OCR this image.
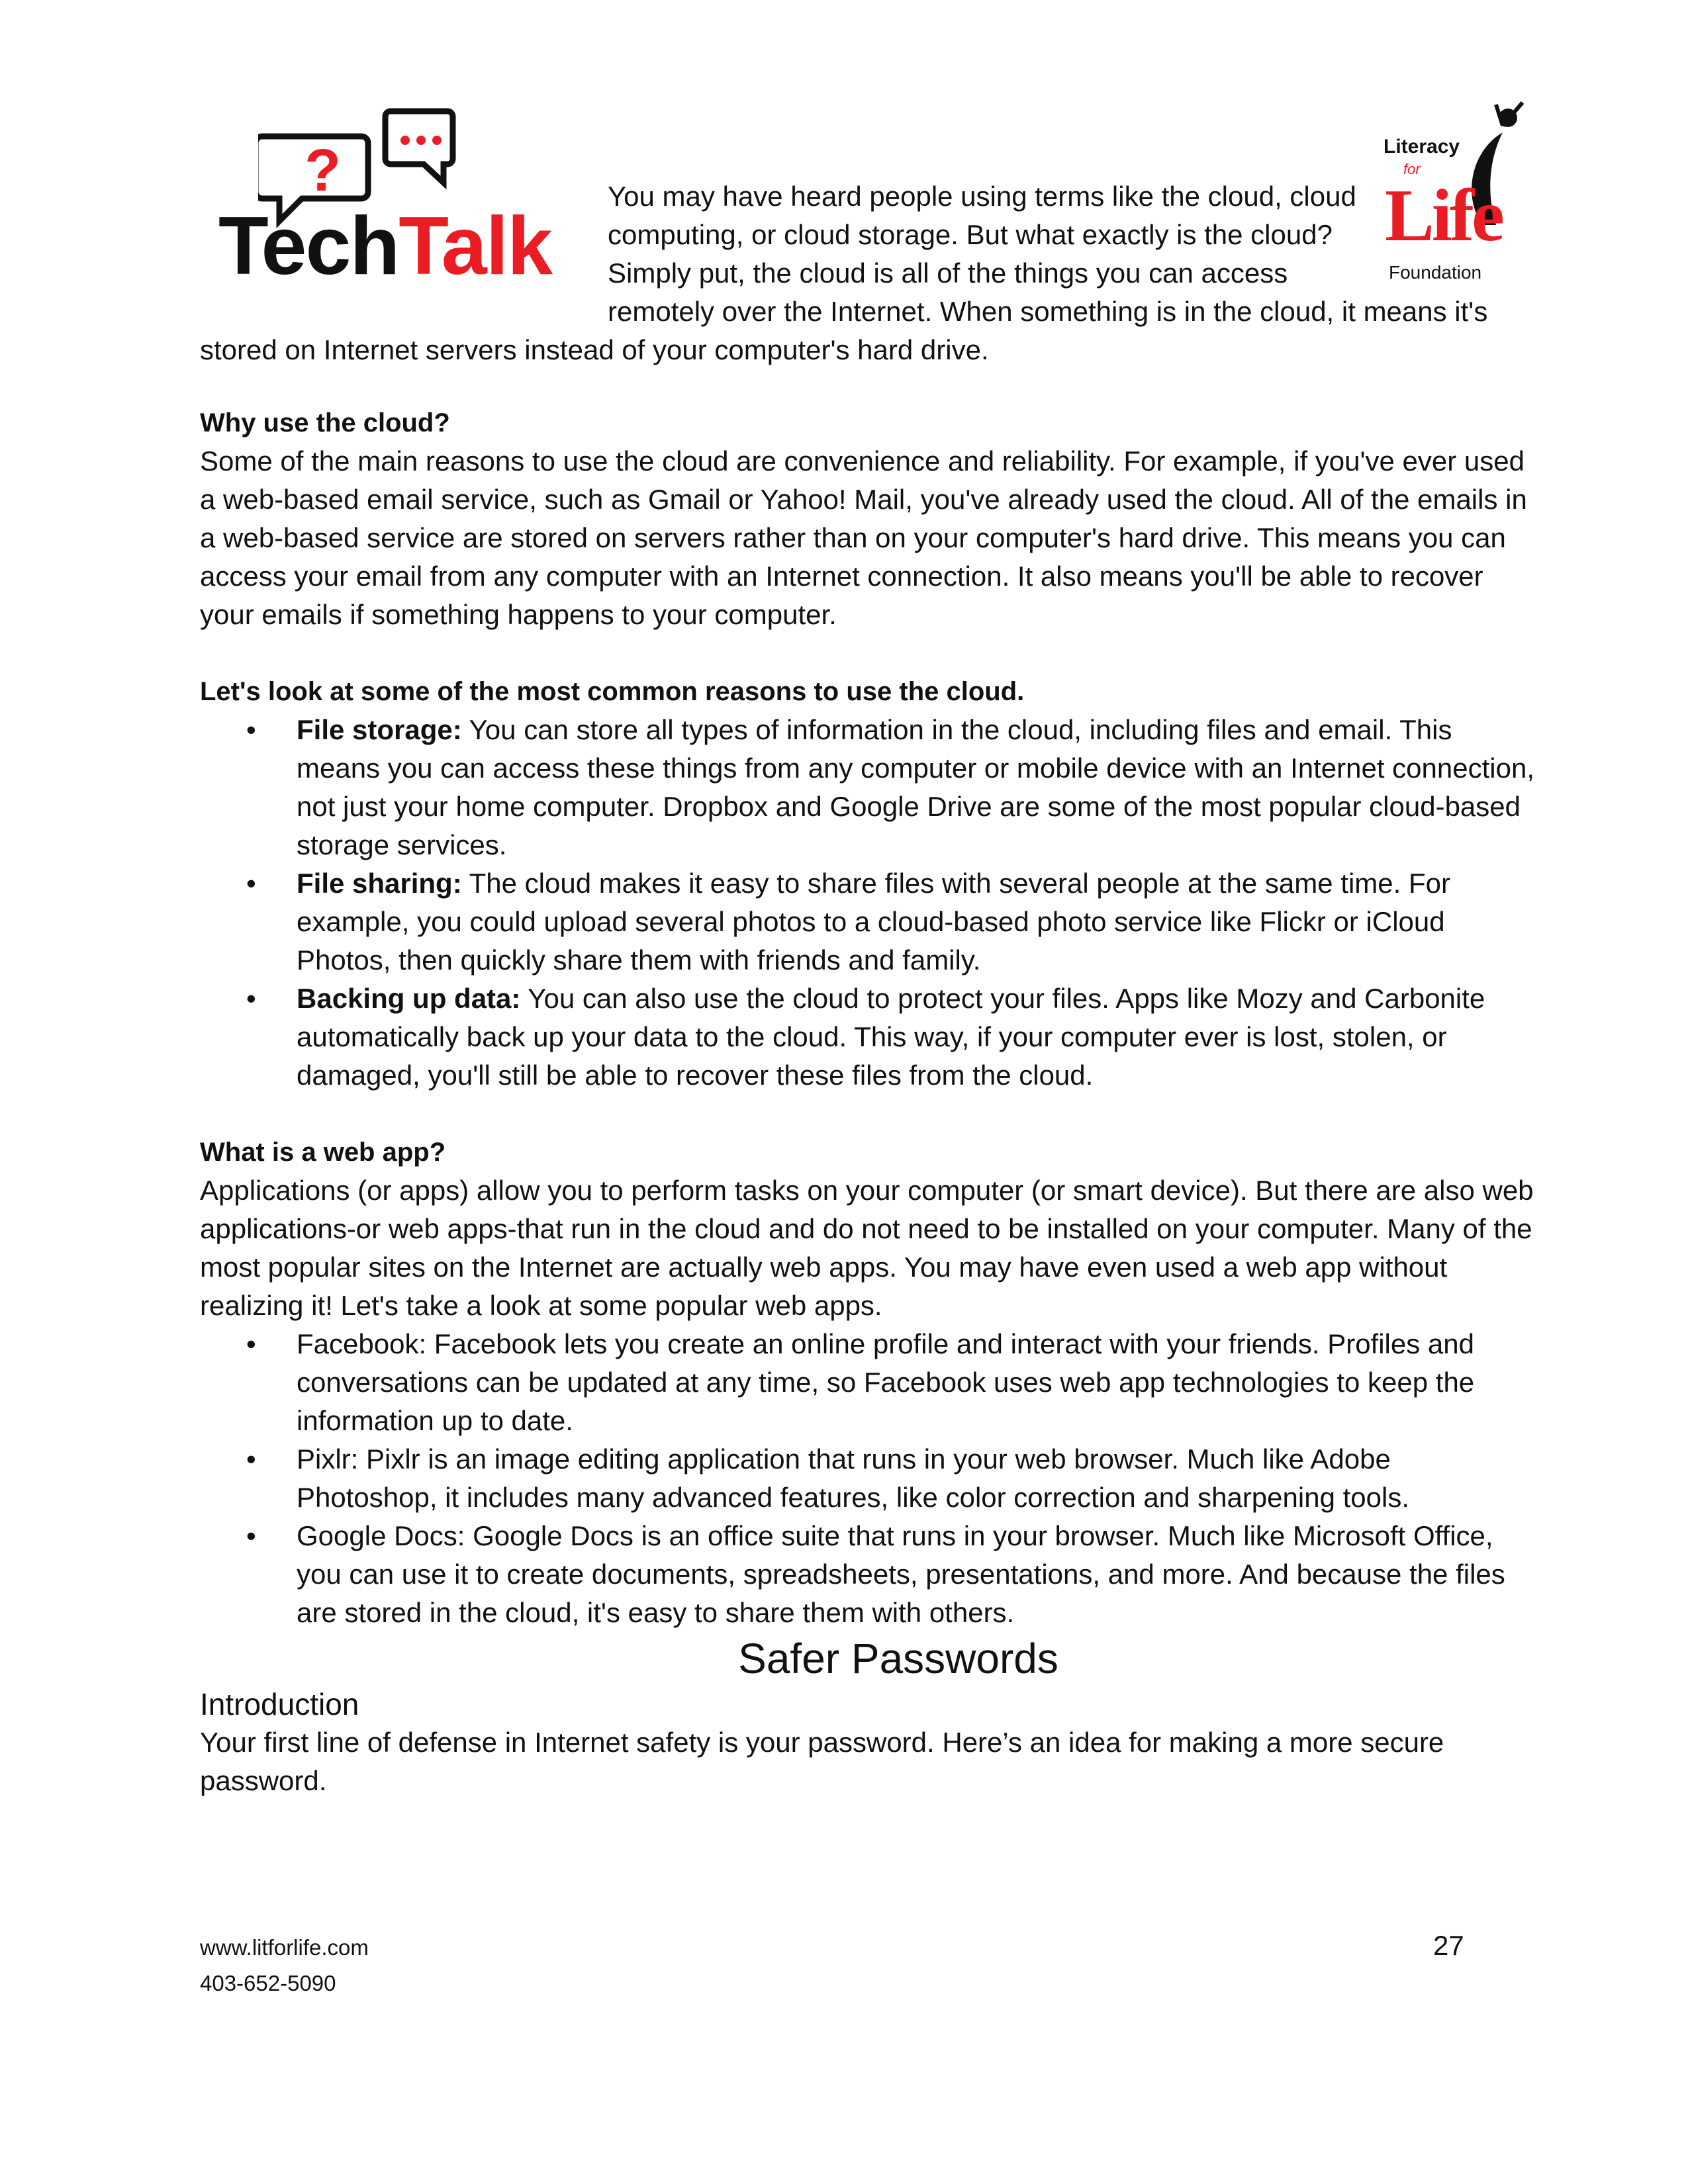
?
TechTalk
Literacy
for
Life
Foundation
You may have heard people using terms like the cloud, cloud
computing, or cloud storage. But what exactly is the cloud?
Simply put, the cloud is all of the things you can access
remotely over the Internet. When something is in the cloud, it means it's
stored on Internet servers instead of your computer's hard drive.

Why use the cloud?

Some of the main reasons to use the cloud are convenience and reliability. For example, if you've ever used a web-based email service, such as Gmail or Yahoo! Mail, you've already used the cloud. All of the emails in a web-based service are stored on servers rather than on your computer's hard drive. This means you can access your email from any computer with an Internet connection. It also means you'll be able to recover your emails if something happens to your computer.

Let's look at some of the most common reasons to use the cloud.

• File storage: You can store all types of information in the cloud, including files and email. This means you can access these things from any computer or mobile device with an Internet connection, not just your home computer. Dropbox and Google Drive are some of the most popular cloud-based storage services.
• File sharing: The cloud makes it easy to share files with several people at the same time. For example, you could upload several photos to a cloud-based photo service like Flickr or iCloud Photos, then quickly share them with friends and family.
• Backing up data: You can also use the cloud to protect your files. Apps like Mozy and Carbonite automatically back up your data to the cloud. This way, if your computer ever is lost, stolen, or damaged, you'll still be able to recover these files from the cloud.

What is a web app?

Applications (or apps) allow you to perform tasks on your computer (or smart device). But there are also web applications-or web apps-that run in the cloud and do not need to be installed on your computer. Many of the most popular sites on the Internet are actually web apps. You may have even used a web app without realizing it! Let's take a look at some popular web apps.

• Facebook: Facebook lets you create an online profile and interact with your friends. Profiles and conversations can be updated at any time, so Facebook uses web app technologies to keep the information up to date.
• Pixlr: Pixlr is an image editing application that runs in your web browser. Much like Adobe Photoshop, it includes many advanced features, like color correction and sharpening tools.
• Google Docs: Google Docs is an office suite that runs in your browser. Much like Microsoft Office, you can use it to create documents, spreadsheets, presentations, and more. And because the files are stored in the cloud, it's easy to share them with others.

Safer Passwords

Introduction

Your first line of defense in Internet safety is your password. Here’s an idea for making a more secure password.

www.litforlife.com
403-652-5090
27
